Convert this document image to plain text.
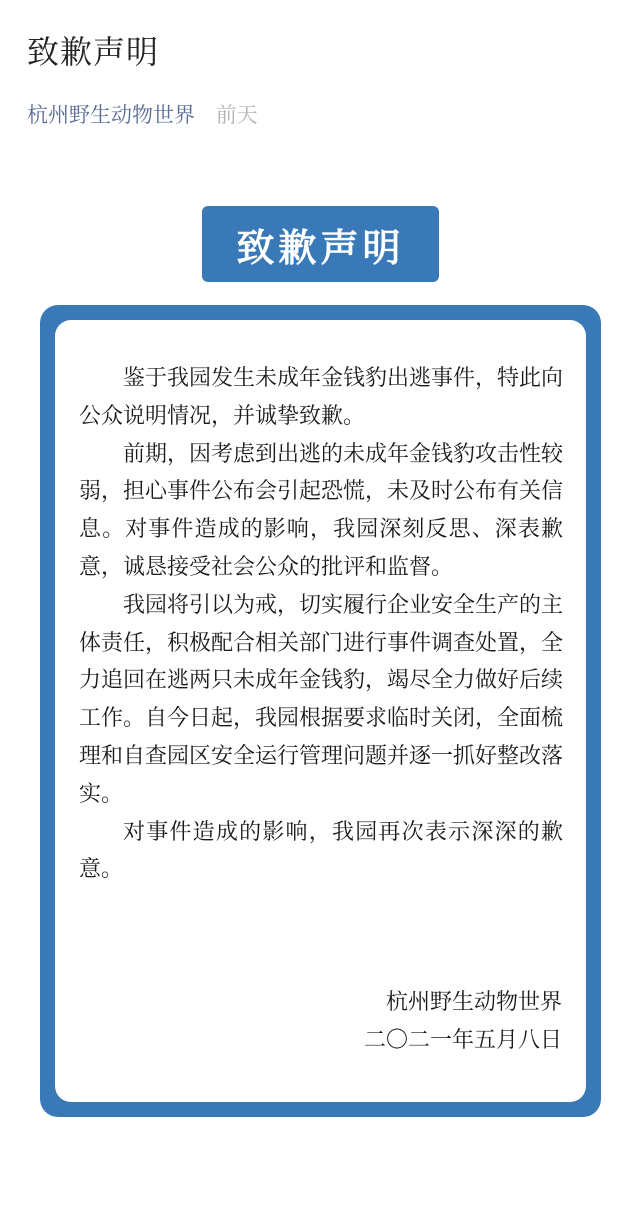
致歉声明
杭州野生动物世界 前天
致歉声明

鉴于我园发生未成年金钱豹出逃事件，特此向公众说明情况，并诚挚致歉。

前期，因考虑到出逃的未成年金钱豹攻击性较弱，担心事件公布会引起恐慌，未及时公布有关信息。对事件造成的影响，我园深刻反思、深表歉意，诚恳接受社会公众的批评和监督。

我园将引以为戒，切实履行企业安全生产的主体责任，积极配合相关部门进行事件调查处置，全力追回在逃两只未成年金钱豹，竭尽全力做好后续工作。自今日起，我园根据要求临时关闭，全面梳理和自查园区安全运行管理问题并逐一抓好整改落实。

对事件造成的影响，我园再次表示深深的歉意。

杭州野生动物世界
二〇二一年五月八日
